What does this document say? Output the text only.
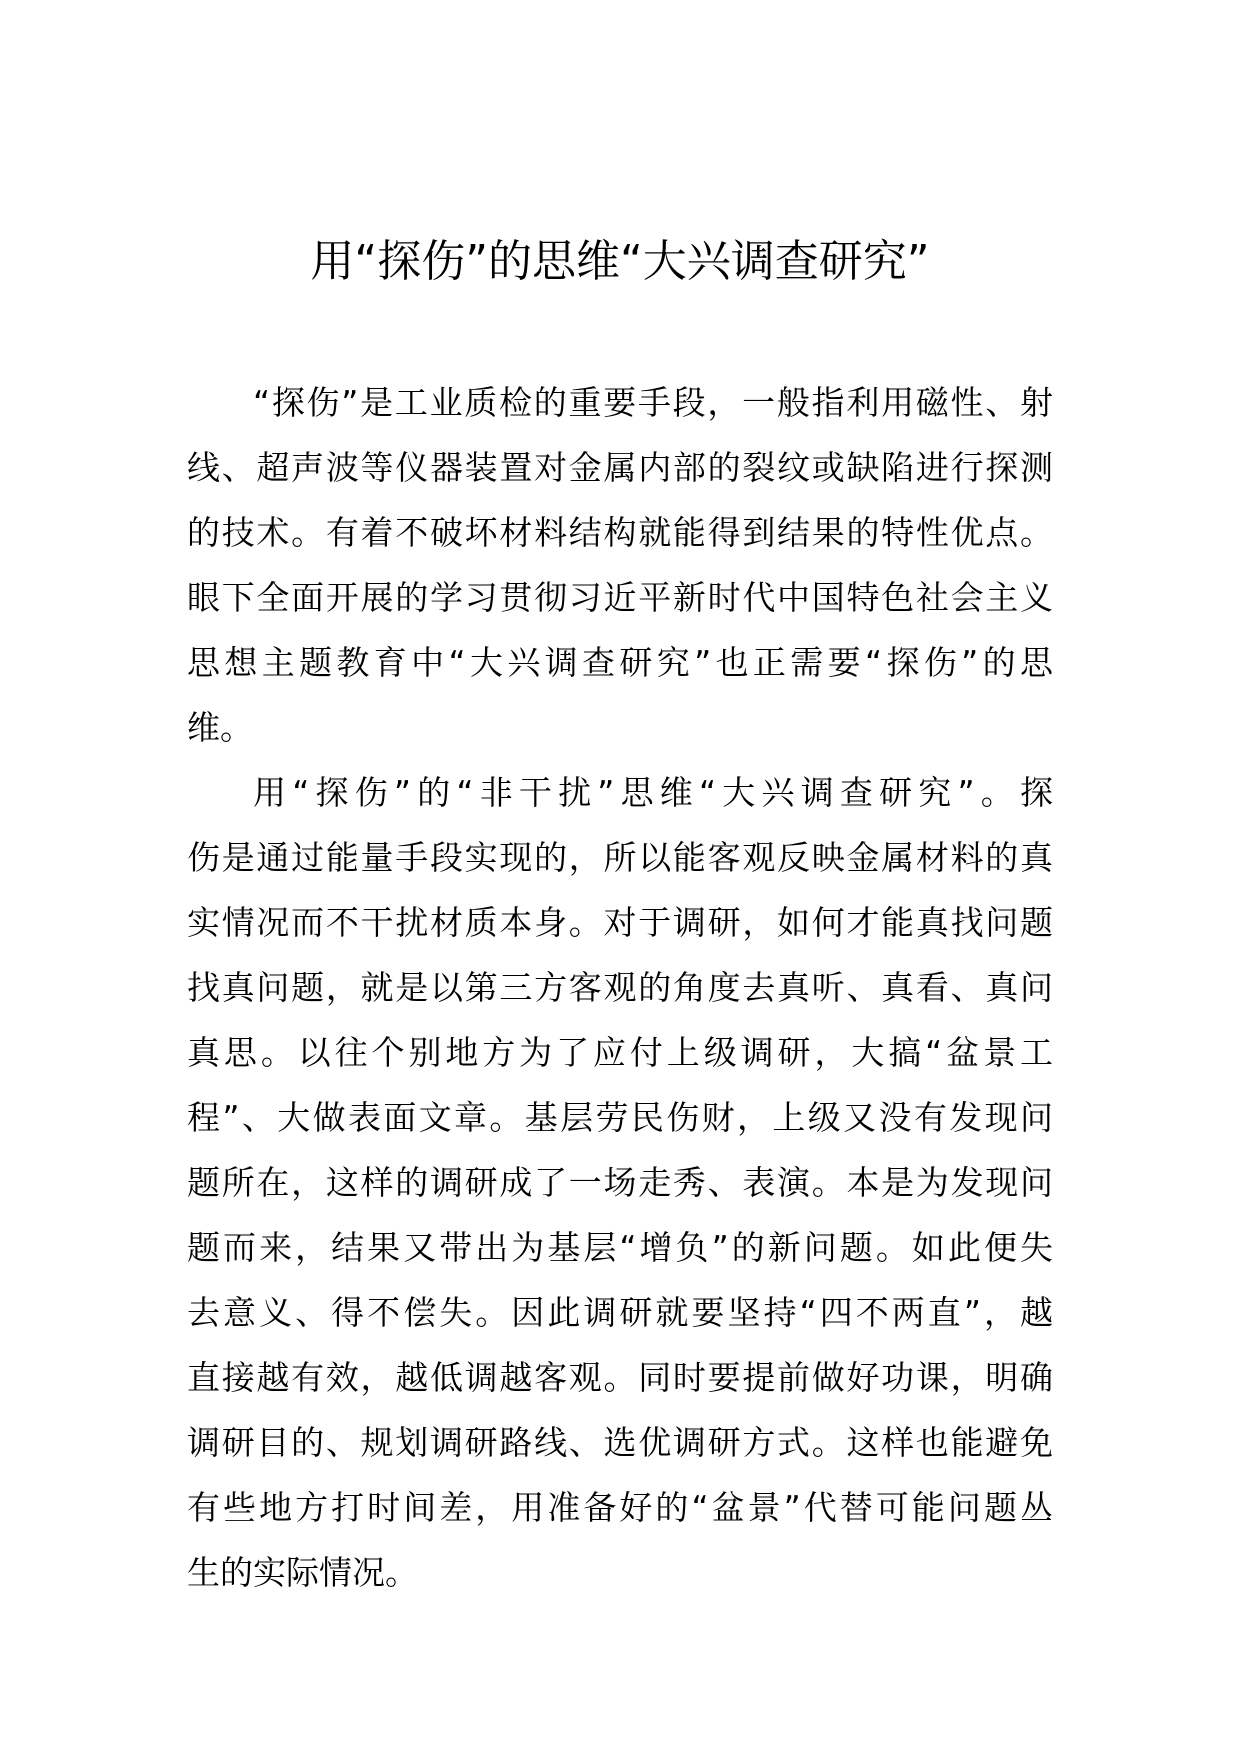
用“探伤”的思维“大兴调查研究”

“探伤”是工业质检的重要手段，一般指利用磁性、射
线、超声波等仪器装置对金属内部的裂纹或缺陷进行探测
的技术。有着不破坏材料结构就能得到结果的特性优点。
眼下全面开展的学习贯彻习近平新时代中国特色社会主义
思想主题教育中“大兴调查研究”也正需要“探伤”的思
维。

用“探伤”的“非干扰”思维“大兴调查研究”。探
伤是通过能量手段实现的，所以能客观反映金属材料的真
实情况而不干扰材质本身。对于调研，如何才能真找问题
找真问题，就是以第三方客观的角度去真听、真看、真问
真思。以往个别地方为了应付上级调研，大搞“盆景工
程”、大做表面文章。基层劳民伤财，上级又没有发现问
题所在，这样的调研成了一场走秀、表演。本是为发现问
题而来，结果又带出为基层“增负”的新问题。如此便失
去意义、得不偿失。因此调研就要坚持“四不两直”，越
直接越有效，越低调越客观。同时要提前做好功课，明确
调研目的、规划调研路线、选优调研方式。这样也能避免
有些地方打时间差，用准备好的“盆景”代替可能问题丛
生的实际情况。
